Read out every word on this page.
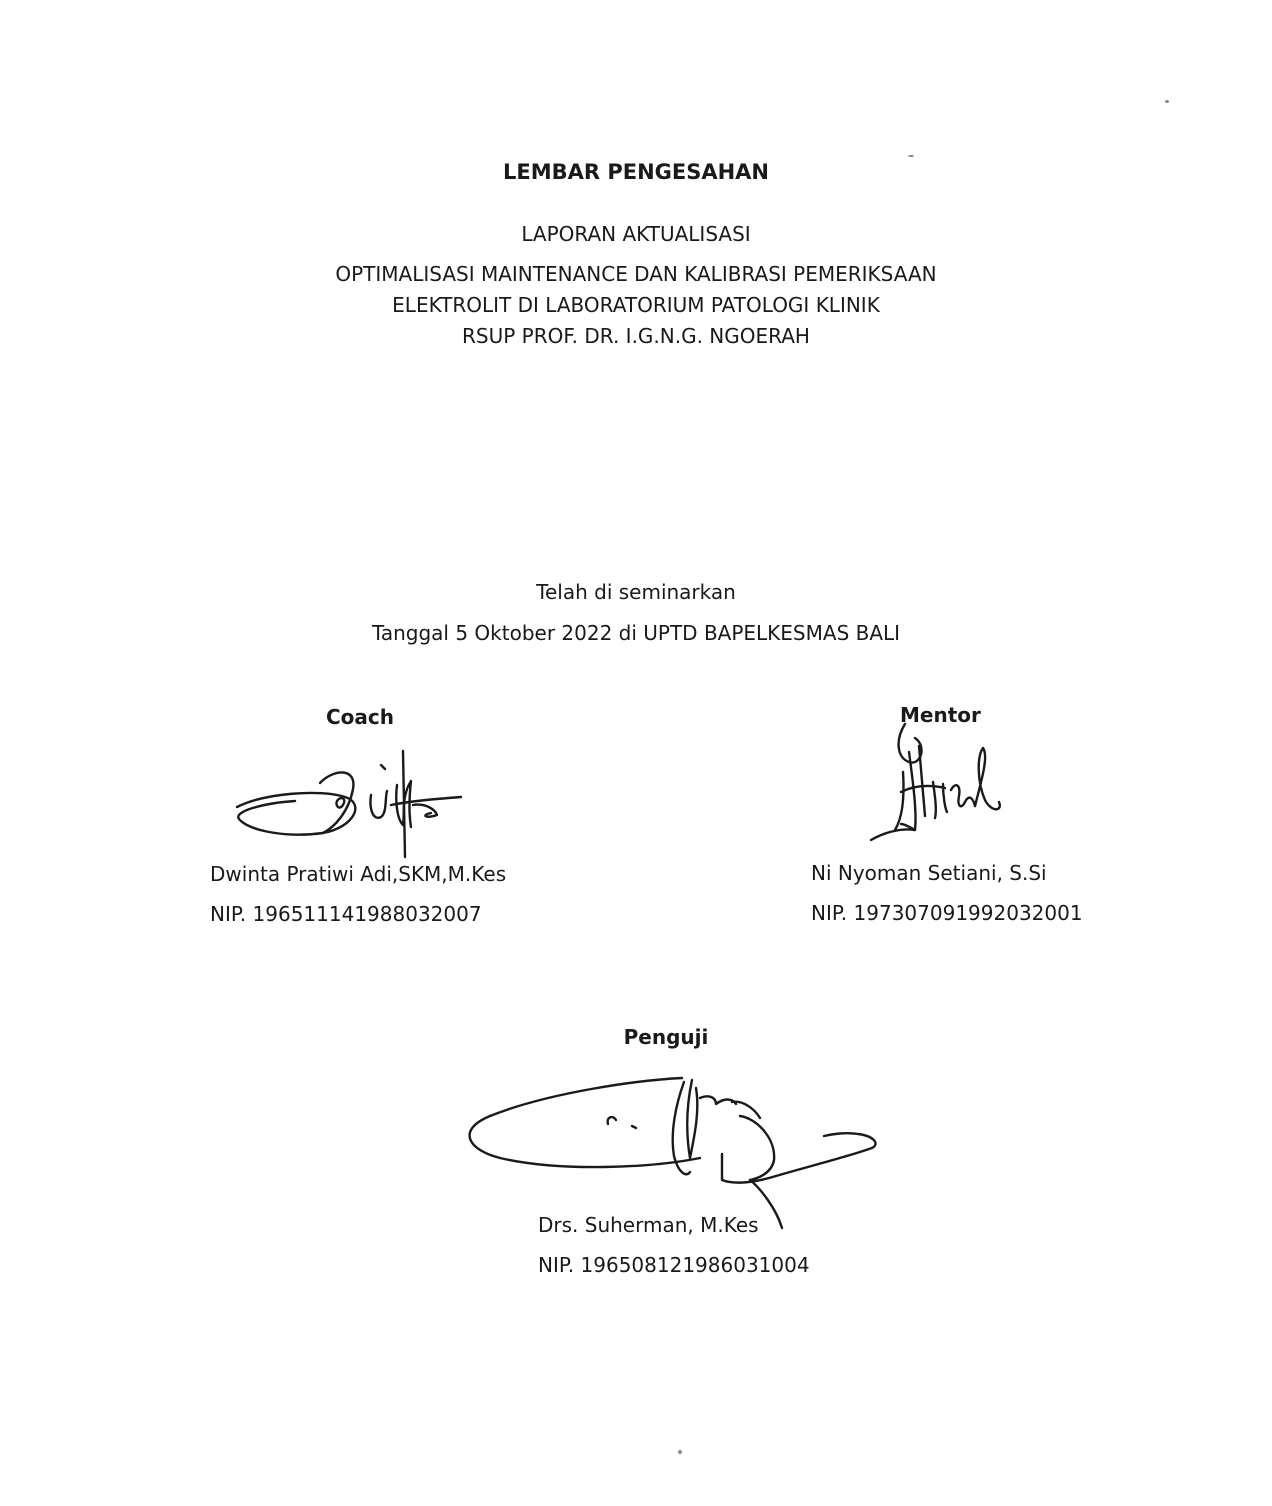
LEMBAR PENGESAHAN
LAPORAN AKTUALISASI
OPTIMALISASI MAINTENANCE DAN KALIBRASI PEMERIKSAAN
ELEKTROLIT DI LABORATORIUM PATOLOGI KLINIK
RSUP PROF. DR. I.G.N.G. NGOERAH
Telah di seminarkan
Tanggal 5 Oktober 2022 di UPTD BAPELKESMAS BALI
Coach
Dwinta Pratiwi Adi,SKM,M.Kes
NIP. 196511141988032007
Mentor
Ni Nyoman Setiani, S.Si
NIP. 197307091992032001
Penguji
Drs. Suherman, M.Kes
NIP. 196508121986031004
